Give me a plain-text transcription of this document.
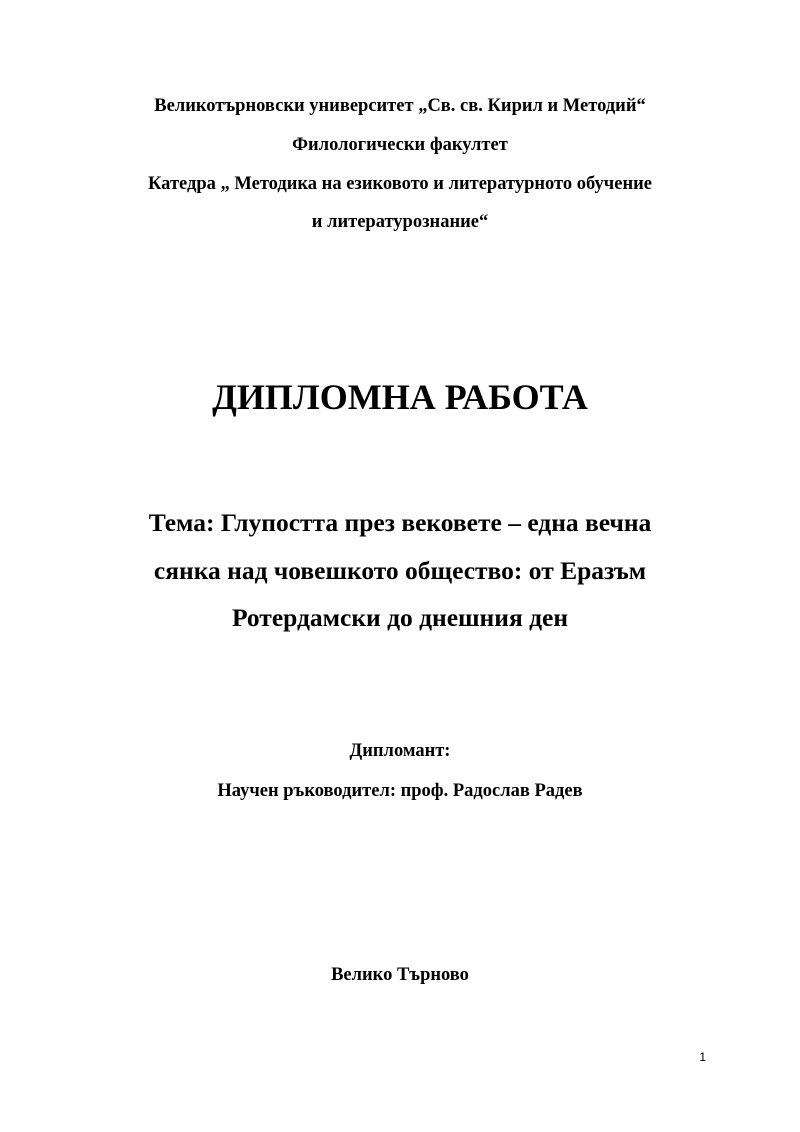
Великотърновски университет „Св. св. Кирил и Методий“
Филологически факултет
Катедра „ Методика на езиковото и литературното обучение
и литературознание“
ДИПЛОМНА РАБОТА
Тема: Глупостта през вековете – една вечна
сянка над човешкото общество: от Еразъм
Ротердамски до днешния ден
Дипломант:
Научен ръководител: проф. Радослав Радев
Велико Търново
1
